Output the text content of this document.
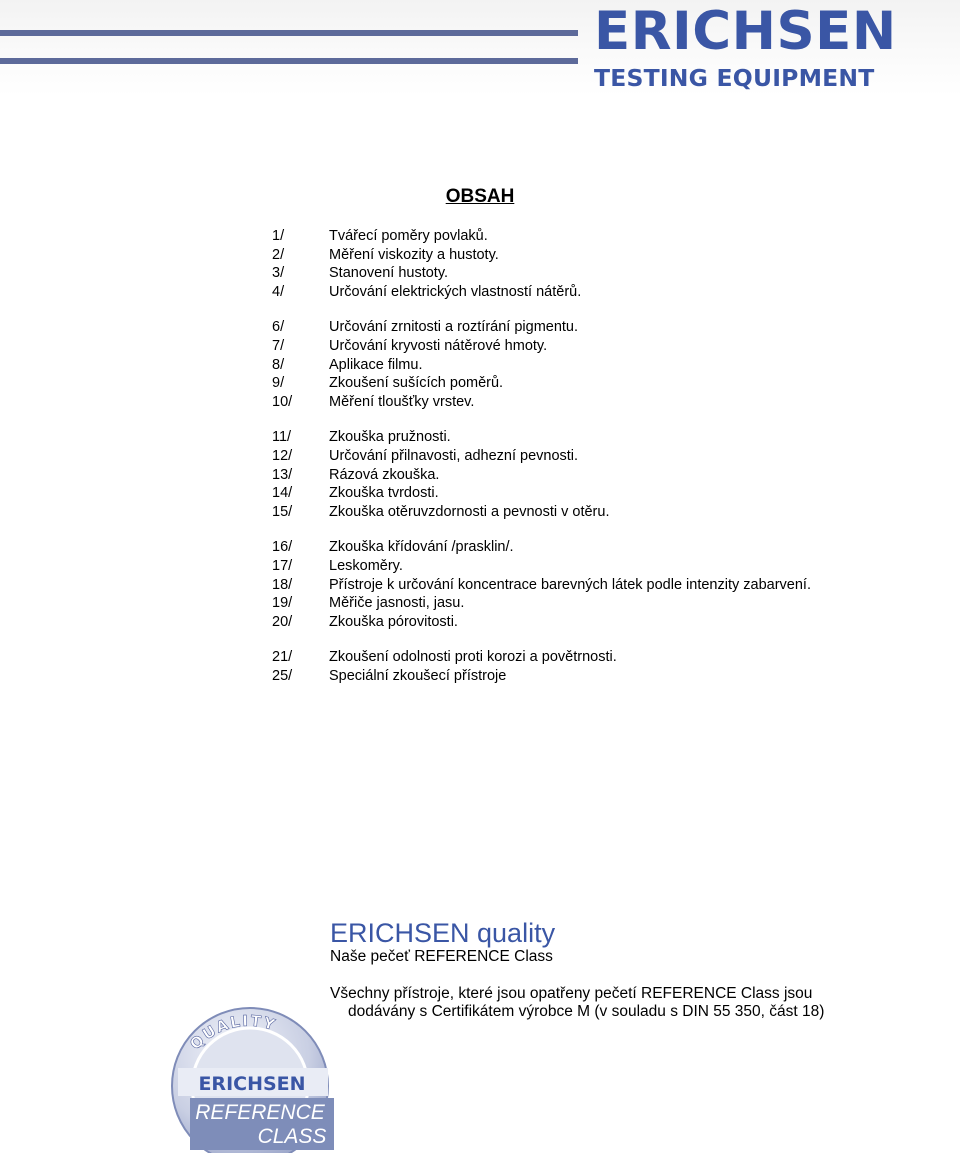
ERICHSEN
TESTING EQUIPMENT
OBSAH
1/	Tvářecí poměry povlaků.
2/	Měření viskozity a hustoty.
3/	Stanovení hustoty.
4/	Určování elektrických vlastností nátěrů.
6/	Určování zrnitosti a roztírání pigmentu.
7/	Určování kryvosti nátěrové hmoty.
8/	Aplikace filmu.
9/	Zkoušení sušících poměrů.
10/	Měření tloušťky vrstev.
11/	Zkouška pružnosti.
12/	Určování přilnavosti, adhezní pevnosti.
13/	Rázová zkouška.
14/	Zkouška tvrdosti.
15/	Zkouška otěruvzdornosti a pevnosti v otěru.
16/	Zkouška křídování /prasklin/.
17/	Leskoměry.
18/	Přístroje k určování koncentrace barevných látek podle intenzity zabarvení.
19/	Měřiče jasnosti, jasu.
20/	Zkouška pórovitosti.
21/	Zkoušení odolnosti proti korozi a povětrnosti.
25/	Speciální zkoušecí přístroje
ERICHSEN quality
Naše pečeť REFERENCE Class
Všechny přístroje, které jsou opatřeny pečetí REFERENCE Class jsou
dodávány s Certifikátem výrobce M (v souladu s DIN 55 350, část 18)
QUALITY
ERICHSEN
REFERENCE
CLASS
